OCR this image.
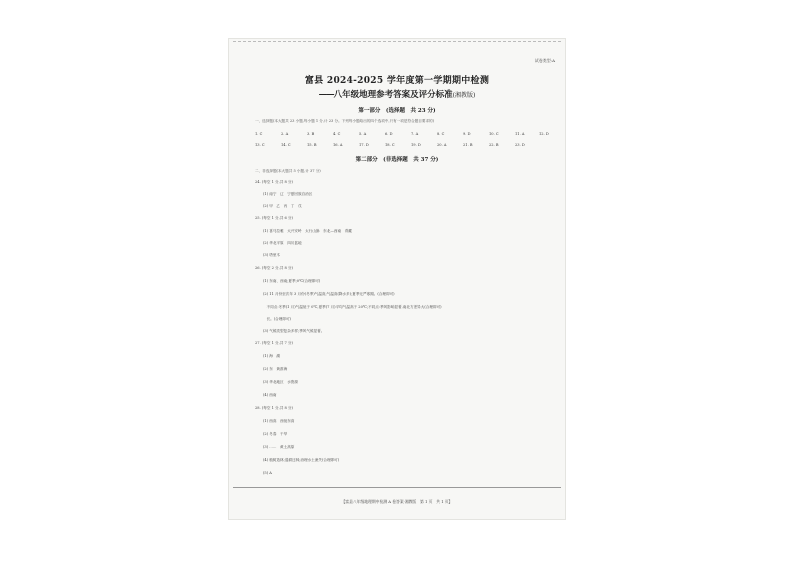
试卷类型:A
富县 2024-2025 学年度第一学期期中检测
——八年级地理参考答案及评分标准(湘教版)
第一部分　(选择题　共 23 分)
一、选择题(本大题共 23 小题,每小题 1 分,计 23 分。下列每小题给出的四个选项中,只有一项是符合题目要求的)
1. C	2. A	3. B	4. C	5. A	6. D	7. A	8. C	9. D	10. C	11. A	12. D
13. C	14. C	15. B	16. A	17. D	18. C	19. D	20. A	21. B	22. B	23. D
第二部分　(非选择题　共 37 分)
二、非选择题(本大题共 5 小题,计 37 分)
24. (每空 1 分,共 8 分)
(1) 南宁　辽　宁夏回族自治区
(2) 甲　乙　丙　丁　戊
25. (每空 1 分,共 6 分)
(1) 喜马拉雅　大兴安岭　太行山脉　东北—西南　青藏
(2) 华北平原　四川盆地
(3) 塔里木
26. (每空 2 分,共 8 分)
(1) 东南、西南;夏季;0℃(合理即可)
(2) 11 月份至次年 3 月份(冬季)气温高;气温高(降水多);夏季无严寒期。(合理即可)
　不同点:冬季(1 月)气温低于 0℃,夏季(7 月)平均气温高于 20℃;不同点:季风影响显著,南北方差异大(合理即可)
　长。(合理即可)
(3) 气候类型复杂多样;季风气候显著。
27. (每空 1 分,共 7 分)
(1) 海　湖
(2) 东　黄淮海
(3) 华北地区　水资源
(4) 西南
28. (每空 1 分,共 8 分)
(1) 西高　西低东高
(2) 冬春　干旱
(3) ……　黄土高原
(4) 植树造林;退耕还林;治理水土流失(合理即可)
(5) A
【富县八年级地理期中检测 A 卷答案·湘教版　第 1 页　共 1 页】
